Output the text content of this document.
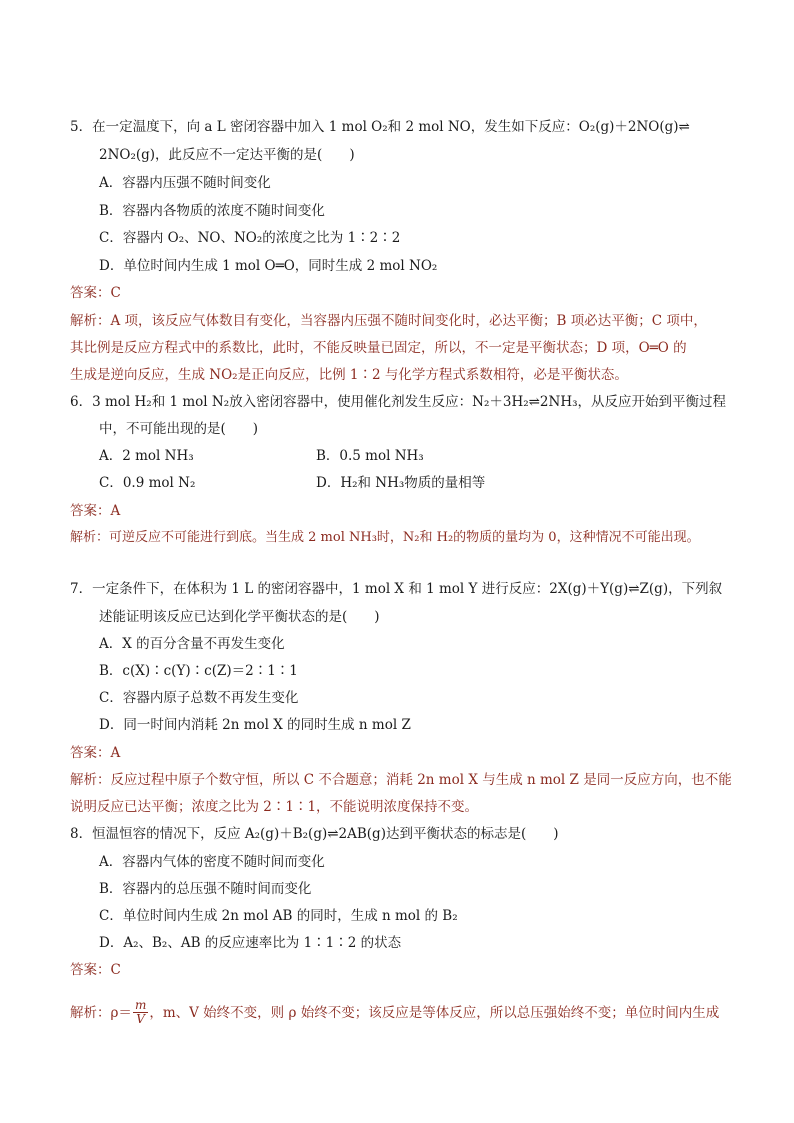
5．在一定温度下，向 a L 密闭容器中加入 1 mol O₂和 2 mol NO，发生如下反应：O₂(g)＋2NO(g)⇌
2NO₂(g)，此反应不一定达平衡的是(　　)
A．容器内压强不随时间变化
B．容器内各物质的浓度不随时间变化
C．容器内 O₂、NO、NO₂的浓度之比为 1∶2∶2
D．单位时间内生成 1 mol O═O，同时生成 2 mol NO₂
答案：C
解析：A 项，该反应气体数目有变化，当容器内压强不随时间变化时，必达平衡；B 项必达平衡；C 项中，
其比例是反应方程式中的系数比，此时，不能反映量已固定，所以，不一定是平衡状态；D 项，O═O 的
生成是逆向反应，生成 NO₂是正向反应，比例 1∶2 与化学方程式系数相符，必是平衡状态。
6．3 mol H₂和 1 mol N₂放入密闭容器中，使用催化剂发生反应：N₂＋3H₂⇌2NH₃，从反应开始到平衡过程
中，不可能出现的是(　　)
A．2 mol NH₃	B．0.5 mol NH₃
C．0.9 mol N₂	D．H₂和 NH₃物质的量相等
答案：A
解析：可逆反应不可能进行到底。当生成 2 mol NH₃时，N₂和 H₂的物质的量均为 0，这种情况不可能出现。
7．一定条件下，在体积为 1 L 的密闭容器中，1 mol X 和 1 mol Y 进行反应：2X(g)＋Y(g)⇌Z(g)，下列叙
述能证明该反应已达到化学平衡状态的是(　　)
A．X 的百分含量不再发生变化
B．c(X)∶c(Y)∶c(Z)＝2∶1∶1
C．容器内原子总数不再发生变化
D．同一时间内消耗 2n mol X 的同时生成 n mol Z
答案：A
解析：反应过程中原子个数守恒，所以 C 不合题意；消耗 2n mol X 与生成 n mol Z 是同一反应方向，也不能
说明反应已达平衡；浓度之比为 2∶1∶1，不能说明浓度保持不变。
8．恒温恒容的情况下，反应 A₂(g)＋B₂(g)⇌2AB(g)达到平衡状态的标志是(　　)
A．容器内气体的密度不随时间而变化
B．容器内的总压强不随时间而变化
C．单位时间内生成 2n mol AB 的同时，生成 n mol 的 B₂
D．A₂、B₂、AB 的反应速率比为 1∶1∶2 的状态
答案：C
解析：$\rho= \frac{m}{V}$ ，m、V 始终不变，则 ρ 始终不变；该反应是等体反应，所以总压强始终不变；单位时间内生成
